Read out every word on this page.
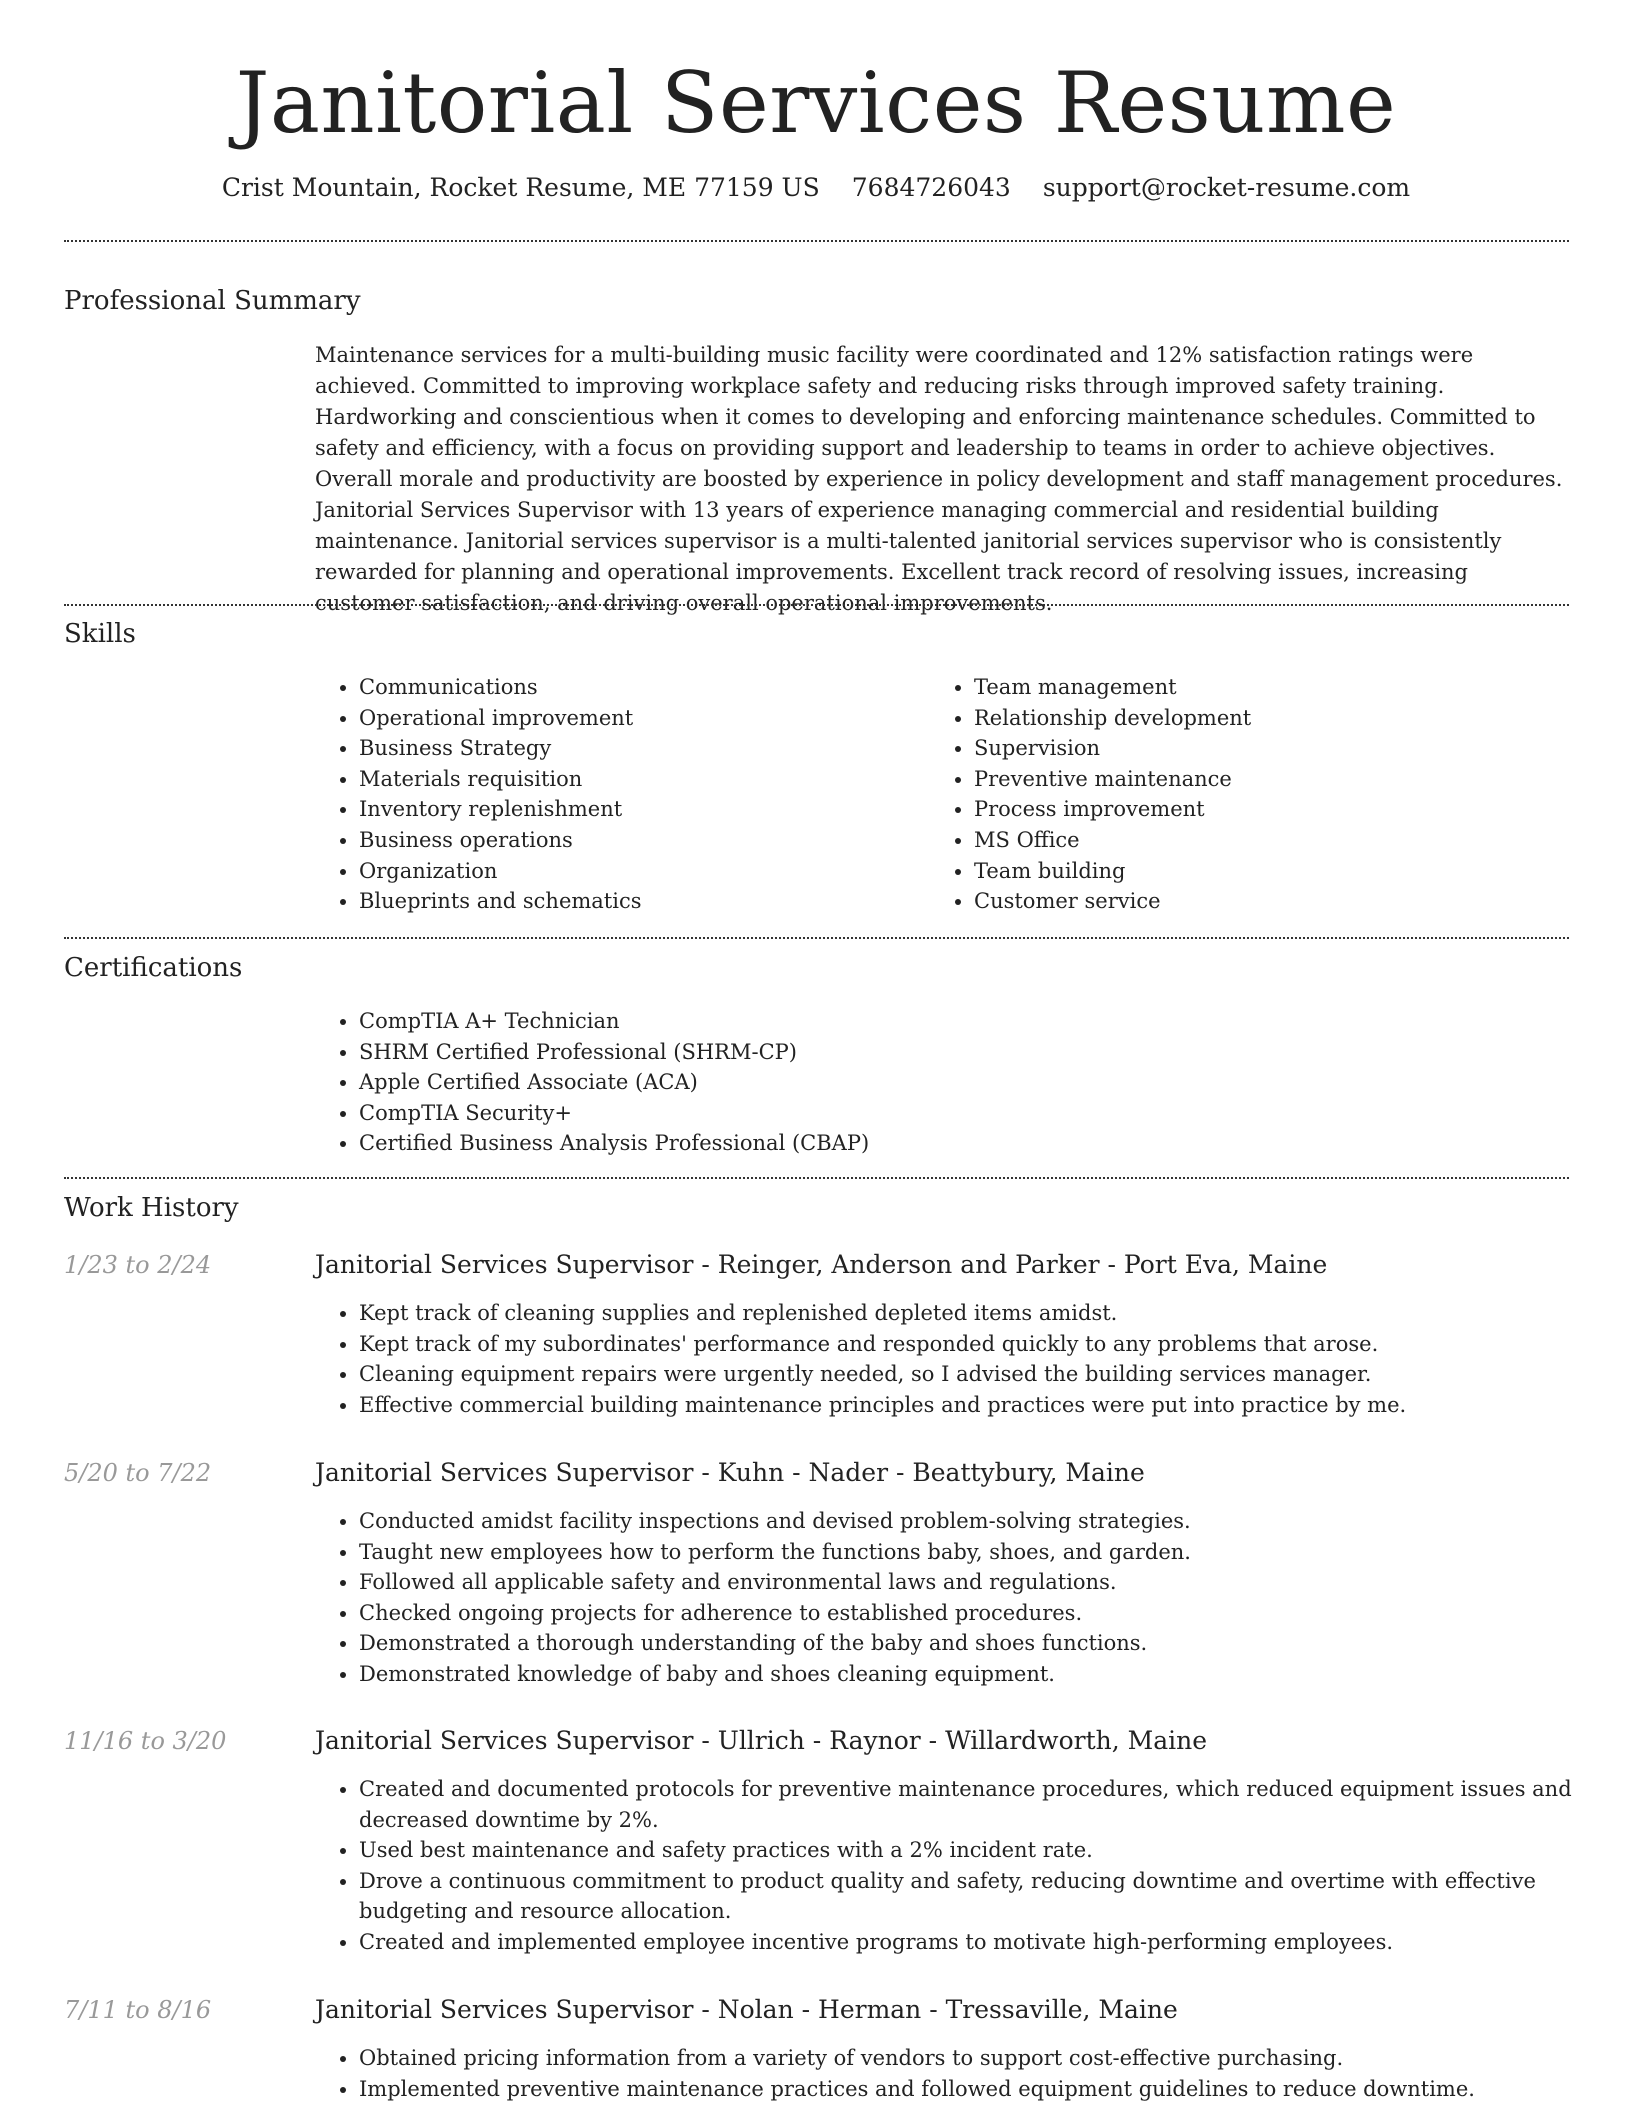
Janitorial Services Resume
Crist Mountain, Rocket Resume, ME 77159 US 7684726043 support@rocket-resume.com
Professional Summary
Maintenance services for a multi-building music facility were coordinated and 12% satisfaction ratings were achieved. Committed to improving workplace safety and reducing risks through improved safety training. Hardworking and conscientious when it comes to developing and enforcing maintenance schedules. Committed to safety and efficiency, with a focus on providing support and leadership to teams in order to achieve objectives. Overall morale and productivity are boosted by experience in policy development and staff management procedures. Janitorial Services Supervisor with 13 years of experience managing commercial and residential building maintenance. Janitorial services supervisor is a multi-talented janitorial services supervisor who is consistently rewarded for planning and operational improvements. Excellent track record of resolving issues, increasing customer satisfaction, and driving overall operational improvements.
Skills
• Communications
• Operational improvement
• Business Strategy
• Materials requisition
• Inventory replenishment
• Business operations
• Organization
• Blueprints and schematics
• Team management
• Relationship development
• Supervision
• Preventive maintenance
• Process improvement
• MS Office
• Team building
• Customer service
Certifications
• CompTIA A+ Technician
• SHRM Certified Professional (SHRM-CP)
• Apple Certified Associate (ACA)
• CompTIA Security+
• Certified Business Analysis Professional (CBAP)
Work History
1/23 to 2/24	Janitorial Services Supervisor - Reinger, Anderson and Parker - Port Eva, Maine
• Kept track of cleaning supplies and replenished depleted items amidst.
• Kept track of my subordinates' performance and responded quickly to any problems that arose.
• Cleaning equipment repairs were urgently needed, so I advised the building services manager.
• Effective commercial building maintenance principles and practices were put into practice by me.
5/20 to 7/22	Janitorial Services Supervisor - Kuhn - Nader - Beattybury, Maine
• Conducted amidst facility inspections and devised problem-solving strategies.
• Taught new employees how to perform the functions baby, shoes, and garden.
• Followed all applicable safety and environmental laws and regulations.
• Checked ongoing projects for adherence to established procedures.
• Demonstrated a thorough understanding of the baby and shoes functions.
• Demonstrated knowledge of baby and shoes cleaning equipment.
11/16 to 3/20	Janitorial Services Supervisor - Ullrich - Raynor - Willardworth, Maine
• Created and documented protocols for preventive maintenance procedures, which reduced equipment issues and decreased downtime by 2%.
• Used best maintenance and safety practices with a 2% incident rate.
• Drove a continuous commitment to product quality and safety, reducing downtime and overtime with effective budgeting and resource allocation.
• Created and implemented employee incentive programs to motivate high-performing employees.
7/11 to 8/16	Janitorial Services Supervisor - Nolan - Herman - Tressaville, Maine
• Obtained pricing information from a variety of vendors to support cost-effective purchasing.
• Implemented preventive maintenance practices and followed equipment guidelines to reduce downtime.
